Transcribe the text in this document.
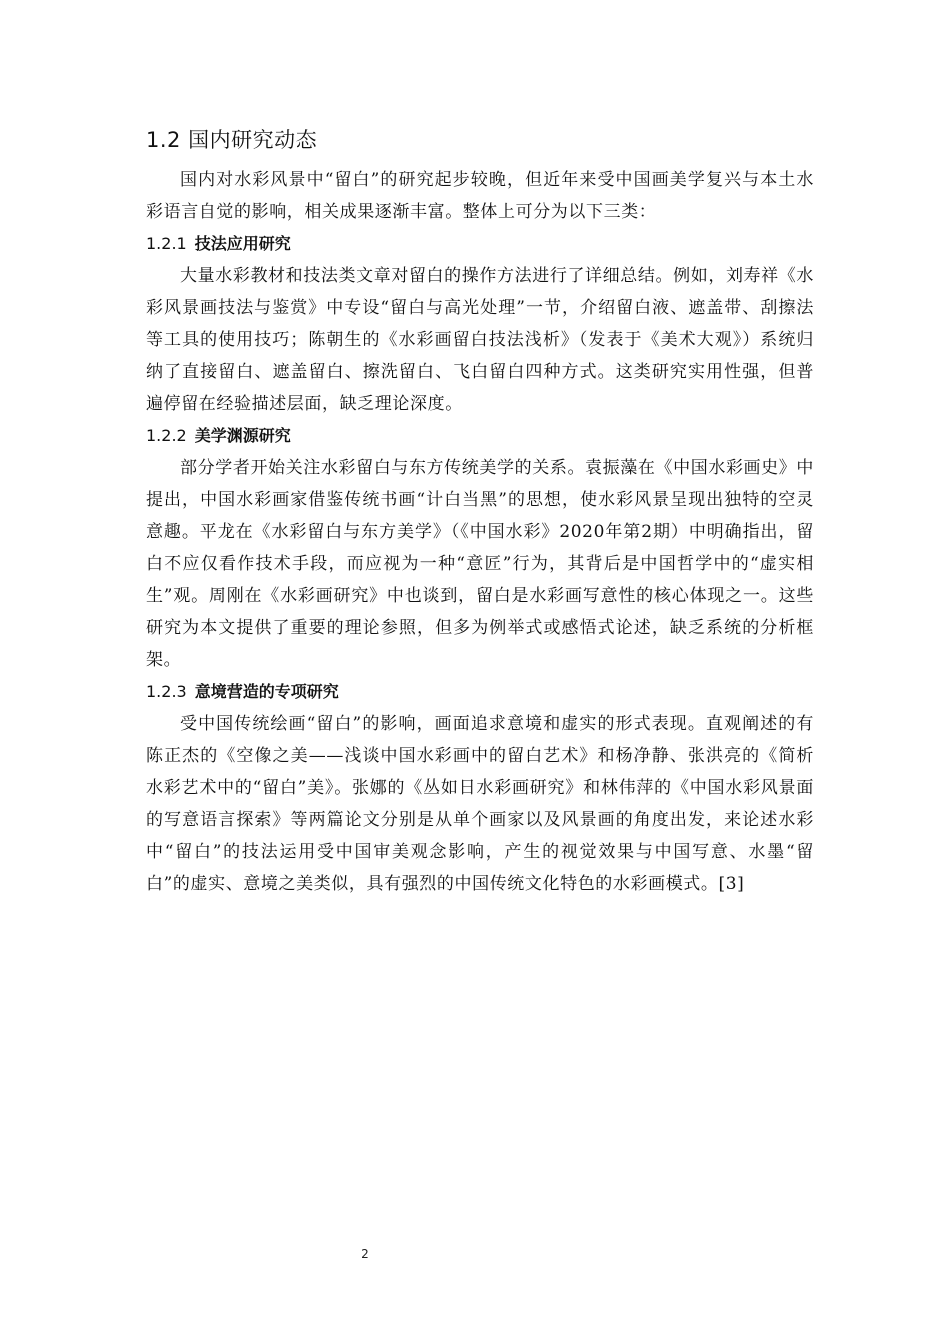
1.2 国内研究动态

国内对水彩风景中“留白”的研究起步较晚，但近年来受中国画美学复兴与本土水彩语言自觉的影响，相关成果逐渐丰富。整体上可分为以下三类：

1.2.1 技法应用研究

大量水彩教材和技法类文章对留白的操作方法进行了详细总结。例如，刘寿祥《水彩风景画技法与鉴赏》中专设“留白与高光处理”一节，介绍留白液、遮盖带、刮擦法等工具的使用技巧；陈朝生的《水彩画留白技法浅析》（发表于《美术大观》）系统归纳了直接留白、遮盖留白、擦洗留白、飞白留白四种方式。这类研究实用性强，但普遍停留在经验描述层面，缺乏理论深度。

1.2.2 美学渊源研究

部分学者开始关注水彩留白与东方传统美学的关系。袁振藻在《中国水彩画史》中提出，中国水彩画家借鉴传统书画“计白当黑”的思想，使水彩风景呈现出独特的空灵意趣。平龙在《水彩留白与东方美学》（《中国水彩》2020年第2期）中明确指出，留白不应仅看作技术手段，而应视为一种“意匠”行为，其背后是中国哲学中的“虚实相生”观。周刚在《水彩画研究》中也谈到，留白是水彩画写意性的核心体现之一。这些研究为本文提供了重要的理论参照，但多为例举式或感悟式论述，缺乏系统的分析框架。

1.2.3 意境营造的专项研究

受中国传统绘画“留白”的影响，画面追求意境和虚实的形式表现。直观阐述的有陈正杰的《空像之美——浅谈中国水彩画中的留白艺术》和杨净静、张洪亮的《简析水彩艺术中的“留白”美》。张娜的《丛如日水彩画研究》和林伟萍的《中国水彩风景面的写意语言探索》等两篇论文分别是从单个画家以及风景画的角度出发，来论述水彩中“留白”的技法运用受中国审美观念影响，产生的视觉效果与中国写意、水墨“留白”的虚实、意境之美类似，具有强烈的中国传统文化特色的水彩画模式。[3]

2
